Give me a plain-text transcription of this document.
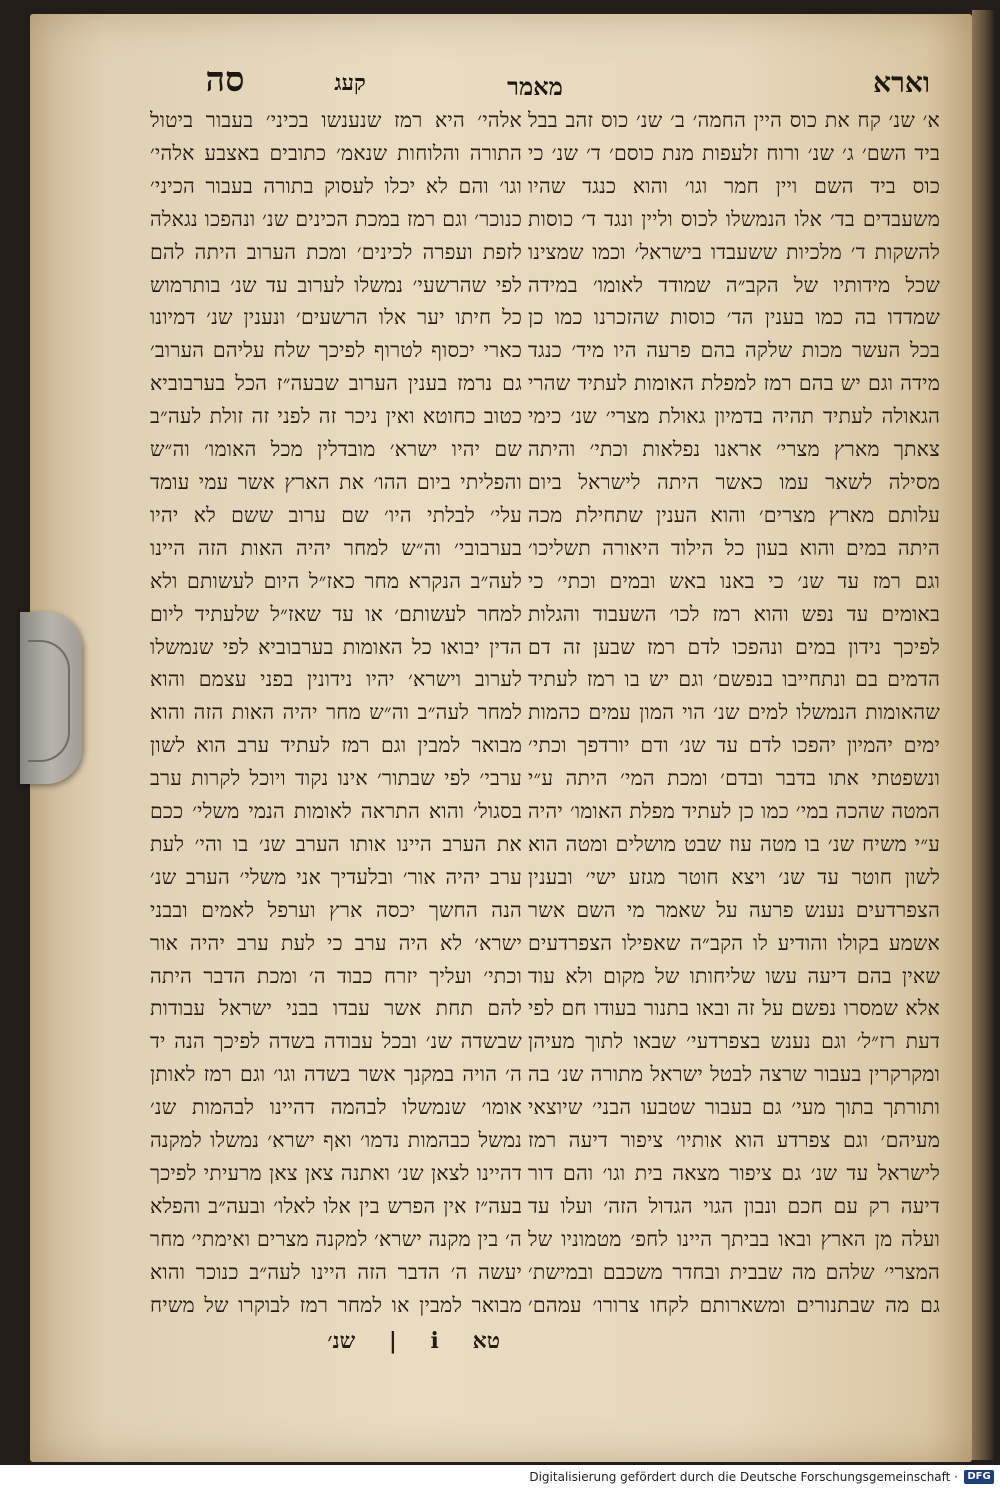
וארא
מאמר
קעג
סה
א׳ שנ׳ קח את כוס היין החמה׳ ב׳ שנ׳ כוס זהב בבל ביד השם׳ ג׳ שנ׳ ורוח זלעפות מנת כוסם׳ ד׳ שנ׳ כי כוס ביד השם ויין חמר וגו׳ והוא כנגד שהיו משעבדים בד׳ אלו הנמשלו לכוס וליין ונגד ד׳ כוסות להשקות ד׳ מלכיות ששעבדו בישראל׳ וכמו שמצינו שכל מידותיו של הקב״ה שמודד לאומו׳ במידה שמדדו בה כמו בענין הד׳ כוסות שהזכרנו כמו כן בכל העשר מכות שלקה בהם פרעה היו מיד׳ כנגד מידה וגם יש בהם רמז למפלת האומות לעתיד שהרי הגאולה לעתיד תהיה בדמיון גאולת מצרי׳ שנ׳ כימי צאתך מארץ מצרי׳ אראנו נפלאות וכתי׳ והיתה מסילה לשאר עמו כאשר היתה לישראל ביום עלותם מארץ מצרים׳ והוא הענין שתחילת מכה היתה במים והוא בעון כל הילוד היאורה תשליכו׳ וגם רמז עד שנ׳ כי באנו באש ובמים וכתי׳ כי באומים עד נפש והוא רמז לכו׳ השעבוד והגלות לפיכך נידון במים ונהפכו לדם רמז שבען זה דם הדמים בם ונתחייבו בנפשם׳ וגם יש בו רמז לעתיד שהאומות הנמשלו למים שנ׳ הוי המון עמים כהמות ימים יהמיון יהפכו לדם עד שנ׳ ודם יורדפך וכתי׳ ונשפטתי אתו בדבר ובדם׳ ומכת המי׳ היתה ע״י המטה שהכה במי׳ כמו כן לעתיד מפלת האומו׳ יהיה ע״י משיח שנ׳ בו מטה עוז שבט מושלים ומטה הוא לשון חוטר עד שנ׳ ויצא חוטר מגזע ישי׳ ובענין הצפרדעים נענש פרעה על שאמר מי השם אשר אשמע בקולו והודיע לו הקב״ה שאפילו הצפרדעים שאין בהם דיעה עשו שליחותו של מקום ולא עוד אלא שמסרו נפשם על זה ובאו בתנור בעודו חם לפי דעת רז״ל׳ וגם נענש בצפרדעי׳ שבאו לתוך מעיהן ומקרקרין בעבור שרצה לבטל ישראל מתורה שנ׳ בה ותורתך בתוך מעי׳ גם בעבור שטבעו הבני׳ שיוצאי מעיהם׳ וגם צפרדע הוא אותיו׳ ציפור דיעה רמז לישראל עד שנ׳ גם ציפור מצאה בית וגו׳ והם דור דיעה רק עם חכם ונבון הגוי הגדול הזה׳ ועלו עד ועלה מן הארץ ובאו בביתך היינו לחפ׳ מטמוניו של המצרי׳ שלהם מה שבבית ובחדר משכבם ובמישת׳ גם מה שבתנורים ומשארותם לקחו צרורו׳ עמהם׳
אלהי׳ היא רמז שנענשו בכיני׳ בעבור ביטול התורה והלוחות שנאמ׳ כתובים באצבע אלהי׳ וגו׳ והם לא יכלו לעסוק בתורה בעבור הכיני׳ כנוכר׳ וגם רמז במכת הכינים שנ׳ ונהפכו נגאלה לזפת ועפרה לכינים׳ ומכת הערוב היתה להם לפי שהרשעי׳ נמשלו לערוב עד שנ׳ בותרמוש כל חיתו יער אלו הרשעים׳ ונענין שנ׳ דמיונו כארי יכסוף לטרוף לפיכך שלח עליהם הערוב׳ גם נרמז בענין הערוב שבעה״ז הכל בערבוביא כטוב כחוטא ואין ניכר זה לפני זה זולת לעה״ב שם יהיו ישרא׳ מובדלין מכל האומו׳ וה״ש והפליתי ביום ההו׳ את הארץ אשר עמי עומד עלי׳ לבלתי היו׳ שם ערוב ששם לא יהיו בערבובי׳ וה״ש למחר יהיה האות הזה היינו לעה״ב הנקרא מחר כאז״ל היום לעשותם ולא למחר לעשותם׳ או עד שאז״ל שלעתיד ליום הדין יבואו כל האומות בערבוביא לפי שנמשלו לערוב וישרא׳ יהיו נידונין בפני עצמם והוא למחר לעה״ב וה״ש מחר יהיה האות הזה והוא מבואר למבין וגם רמז לעתיד ערב הוא לשון ערבי׳ לפי שבתור׳ אינו נקוד ויוכל לקרות ערב בסגול׳ והוא התראה לאומות הנמי משלי׳ ככם את הערב היינו אותו הערב שנ׳ בו והי׳ לעת ערב יהיה אור׳ ובלעדיך אני משלי׳ הערב שנ׳ הנה החשך יכסה ארץ וערפל לאמים ובבני ישרא׳ לא היה ערב כי לעת ערב יהיה אור וכתי׳ ועליך יזרח כבוד ה׳ ומכת הדבר היתה להם תחת אשר עבדו בבני ישראל עבודות שבשדה שנ׳ ובכל עבודה בשדה לפיכך הנה יד ה׳ הויה במקנך אשר בשדה וגו׳ וגם רמז לאותן אומו׳ שנמשלו לבהמה דהיינו לבהמות שנ׳ נמשל כבהמות נדמו׳ ואף ישרא׳ נמשלו למקנה דהיינו לצאן שנ׳ ואתנה צאן צאן מרעיתי לפיכך בעה״ז אין הפרש בין אלו לאלו׳ ובעה״ב והפלא ה׳ בין מקנה ישרא׳ למקנה מצרים ואימתי׳ מחר יעשה ה׳ הדבר הזה היינו לעה״ב כנוכר והוא מבואר למבין או למחר רמז לבוקרו של משיח
טא i | שנ׳
Digitalisierung gefördert durch die Deutsche Forschungsgemeinschaft · DFG
